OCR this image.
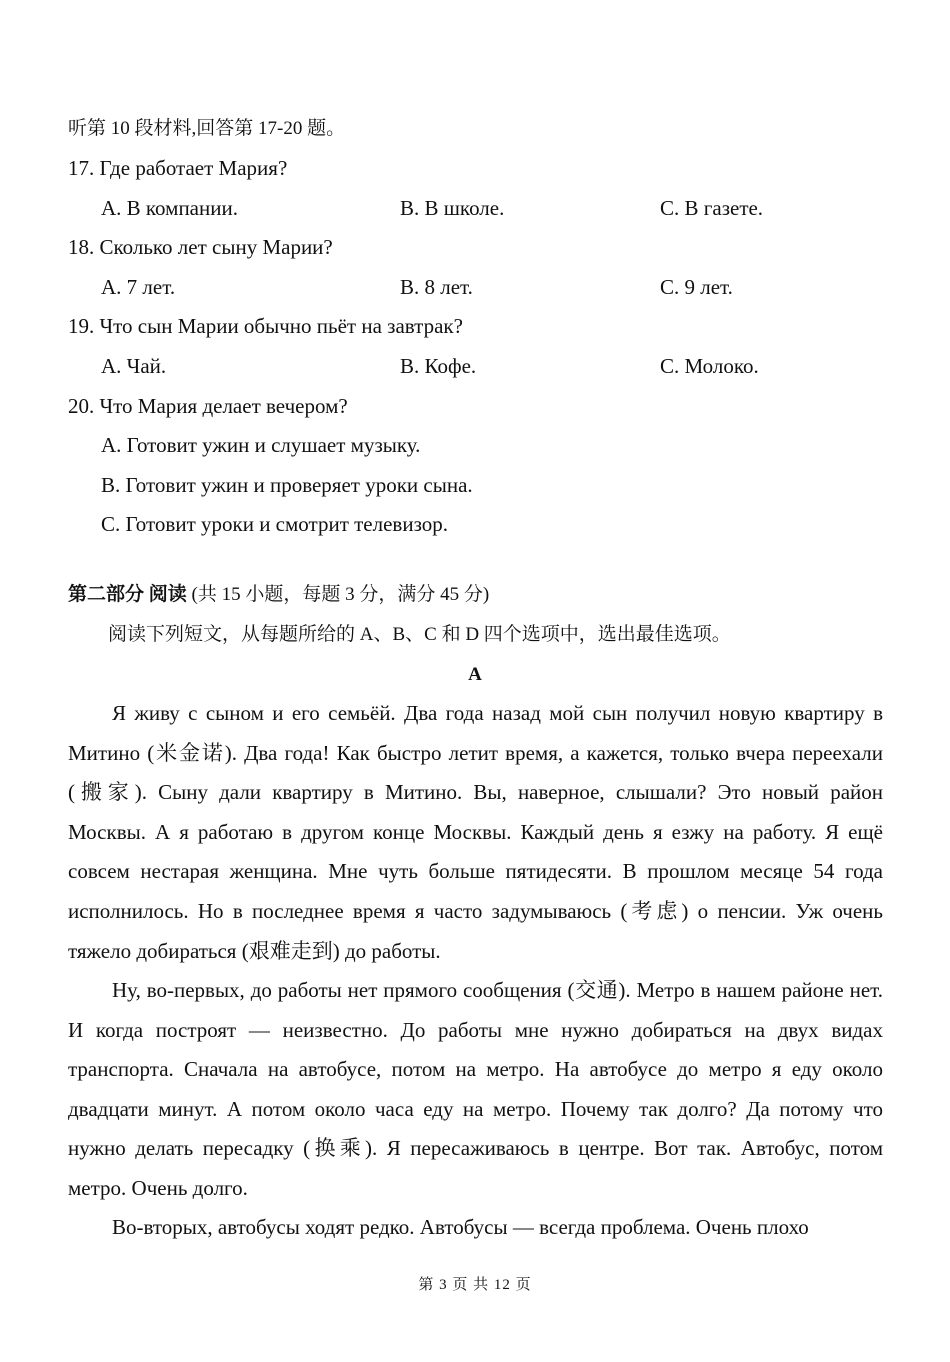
听第 10 段材料,回答第 17-20 题。
17. Где работает Мария?
A. В компании.	B. В школе.	C. В газете.
18. Сколько лет сыну Марии?
A. 7 лет.	B. 8 лет.	C. 9 лет.
19. Что сын Марии обычно пьёт на завтрак?
A. Чай.	B. Кофе.	C. Молоко.
20. Что Мария делает вечером?
A. Готовит ужин и слушает музыку.
B. Готовит ужин и проверяет уроки сына.
C. Готовит уроки и смотрит телевизор.
第二部分 阅读 (共 15 小题，每题 3 分，满分 45 分)
阅读下列短文，从每题所给的 A、B、C 和 D 四个选项中，选出最佳选项。
A

Я живу с сыном и его семьёй. Два года назад мой сын получил новую квартиру в Митино (米金诺). Два года! Как быстро летит время, а кажется, только вчера переехали (搬家). Сыну дали квартиру в Митино. Вы, наверное, слышали? Это новый район Москвы. А я работаю в другом конце Москвы. Каждый день я езжу на работу. Я ещё совсем нестарая женщина. Мне чуть больше пятидесяти. В прошлом месяце 54 года исполнилось. Но в последнее время я часто задумываюсь (考虑) о пенсии. Уж очень тяжело добираться (艰难走到) до работы.

Ну, во-первых, до работы нет прямого сообщения (交通). Метро в нашем районе нет. И когда построят — неизвестно. До работы мне нужно добираться на двух видах транспорта. Сначала на автобусе, потом на метро. На автобусе до метро я еду около двадцати минут. А потом около часа еду на метро. Почему так долго? Да потому что нужно делать пересадку (换乘). Я пересаживаюсь в центре. Вот так. Автобус, потом метро. Очень долго.

Во-вторых, автобусы ходят редко. Автобусы — всегда проблема. Очень плохо

第 3 页 共 12 页
